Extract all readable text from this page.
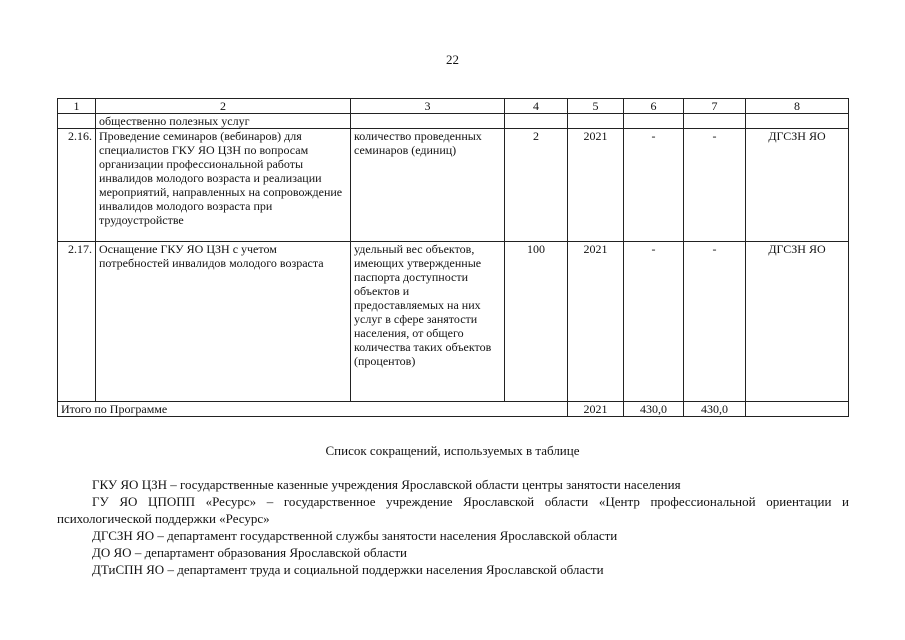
22
1	2	3	4	5	6	7	8
	общественно полезных услуг						
2.16.	Проведение семинаров (вебинаров) для специалистов ГКУ ЯО ЦЗН по вопросам организации профессиональной работы инвалидов молодого возраста и реализации мероприятий, направленных на сопровождение инвалидов молодого возраста при трудоустройстве	количество проведенных семинаров (единиц)	2	2021	-	-	ДГСЗН ЯО
2.17.	Оснащение ГКУ ЯО ЦЗН с учетом потребностей инвалидов молодого возраста	удельный вес объектов, имеющих утвержденные паспорта доступности объектов и предоставляемых на них услуг в сфере занятости населения, от общего количества таких объектов (процентов)	100	2021	-	-	ДГСЗН ЯО
Итого по Программе				2021	430,0	430,0	
Список сокращений, используемых в таблице

ГКУ ЯО ЦЗН – государственные казенные учреждения Ярославской области центры занятости населения

ГУ ЯО ЦПОПП «Ресурс» – государственное учреждение Ярославской области «Центр профессиональной ориентации и психологической поддержки «Ресурс»

ДГСЗН ЯО – департамент государственной службы занятости населения Ярославской области

ДО ЯО – департамент образования Ярославской области

ДТиСПН ЯО – департамент труда и социальной поддержки населения Ярославской области
